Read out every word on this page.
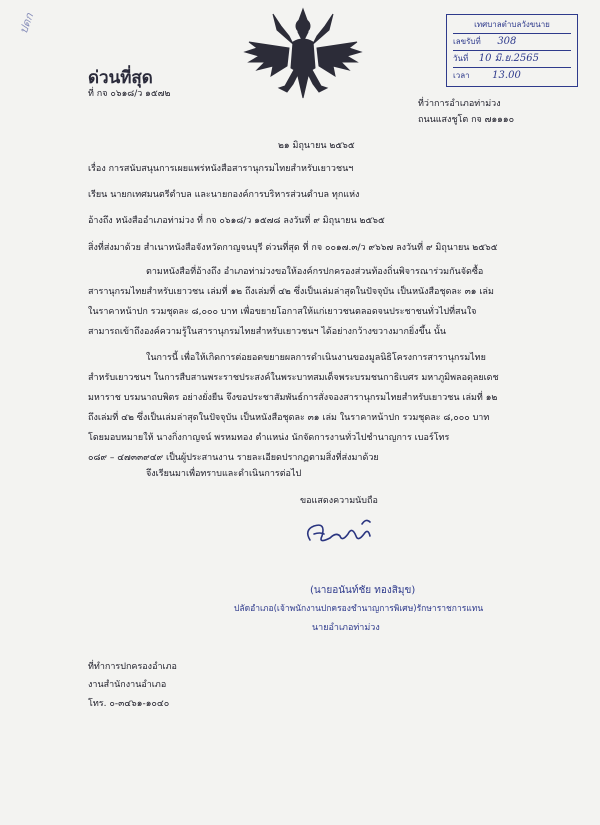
ปดก
ด่วนที่สุด
ที่ กจ ๐๖๑๘/ว ๑๕๗๒
เทศบาลตำบลวังขนาย
เลขรับที่ 308
วันที่ 10 มิ.ย.2565
เวลา 13.00
ที่ว่าการอำเภอท่าม่วง
ถนนแสงชูโต กจ ๗๑๑๑๐
๒๑ มิถุนายน ๒๕๖๕
เรื่อง การสนับสนุนการเผยแพร่หนังสือสารานุกรมไทยสำหรับเยาวชนฯ
เรียน นายกเทศมนตรีตำบล และนายกองค์การบริหารส่วนตำบล ทุกแห่ง
อ้างถึง หนังสืออำเภอท่าม่วง ที่ กจ ๐๖๑๘/ว ๑๕๗๘ ลงวันที่ ๙ มิถุนายน ๒๕๖๕
สิ่งที่ส่งมาด้วย สำเนาหนังสือจังหวัดกาญจนบุรี ด่วนที่สุด ที่ กจ ๐๐๑๗.๓/ว ๙๖๖๗ ลงวันที่ ๙ มิถุนายน ๒๕๖๕
ตามหนังสือที่อ้างถึง อำเภอท่าม่วงขอให้องค์กรปกครองส่วนท้องถิ่นพิจารณาร่วมกันจัดซื้อ
สารานุกรมไทยสำหรับเยาวชน เล่มที่ ๑๒ ถึงเล่มที่ ๔๒ ซึ่งเป็นเล่มล่าสุดในปัจจุบัน เป็นหนังสือชุดละ ๓๑ เล่ม
ในราคาหน้าปก รวมชุดละ ๘,๐๐๐ บาท เพื่อขยายโอกาสให้แก่เยาวชนตลอดจนประชาชนทั่วไปที่สนใจ
สามารถเข้าถึงองค์ความรู้ในสารานุกรมไทยสำหรับเยาวชนฯ ได้อย่างกว้างขวางมากยิ่งขึ้น นั้น
ในการนี้ เพื่อให้เกิดการต่อยอดขยายผลการดำเนินงานของมูลนิธิโครงการสารานุกรมไทย
สำหรับเยาวชนฯ ในการสืบสานพระราชประสงค์ในพระบาทสมเด็จพระบรมชนกาธิเบศร มหาภูมิพลอดุลยเดช
มหาราช บรมนาถบพิตร อย่างยั่งยืน จึงขอประชาสัมพันธ์การสั่งจองสารานุกรมไทยสำหรับเยาวชน เล่มที่ ๑๒
ถึงเล่มที่ ๔๒ ซึ่งเป็นเล่มล่าสุดในปัจจุบัน เป็นหนังสือชุดละ ๓๑ เล่ม ในราคาหน้าปก รวมชุดละ ๘,๐๐๐ บาท
โดยมอบหมายให้ นางกิ่งกาญจน์ พรหมทอง ตำแหน่ง นักจัดการงานทั่วไปชำนาญการ เบอร์โทร
๐๘๙ – ๔๗๓๓๙๔๙ เป็นผู้ประสานงาน รายละเอียดปรากฏตามสิ่งที่ส่งมาด้วย
จึงเรียนมาเพื่อทราบและดำเนินการต่อไป
ขอแสดงความนับถือ
(นายอนันท์ชัย ทองสิมุข)
ปลัดอำเภอ(เจ้าพนักงานปกครองชำนาญการพิเศษ)รักษาราชการแทน
นายอำเภอท่าม่วง
ที่ทำการปกครองอำเภอ
งานสำนักงานอำเภอ
โทร. ๐-๓๔๖๑-๑๐๔๐
